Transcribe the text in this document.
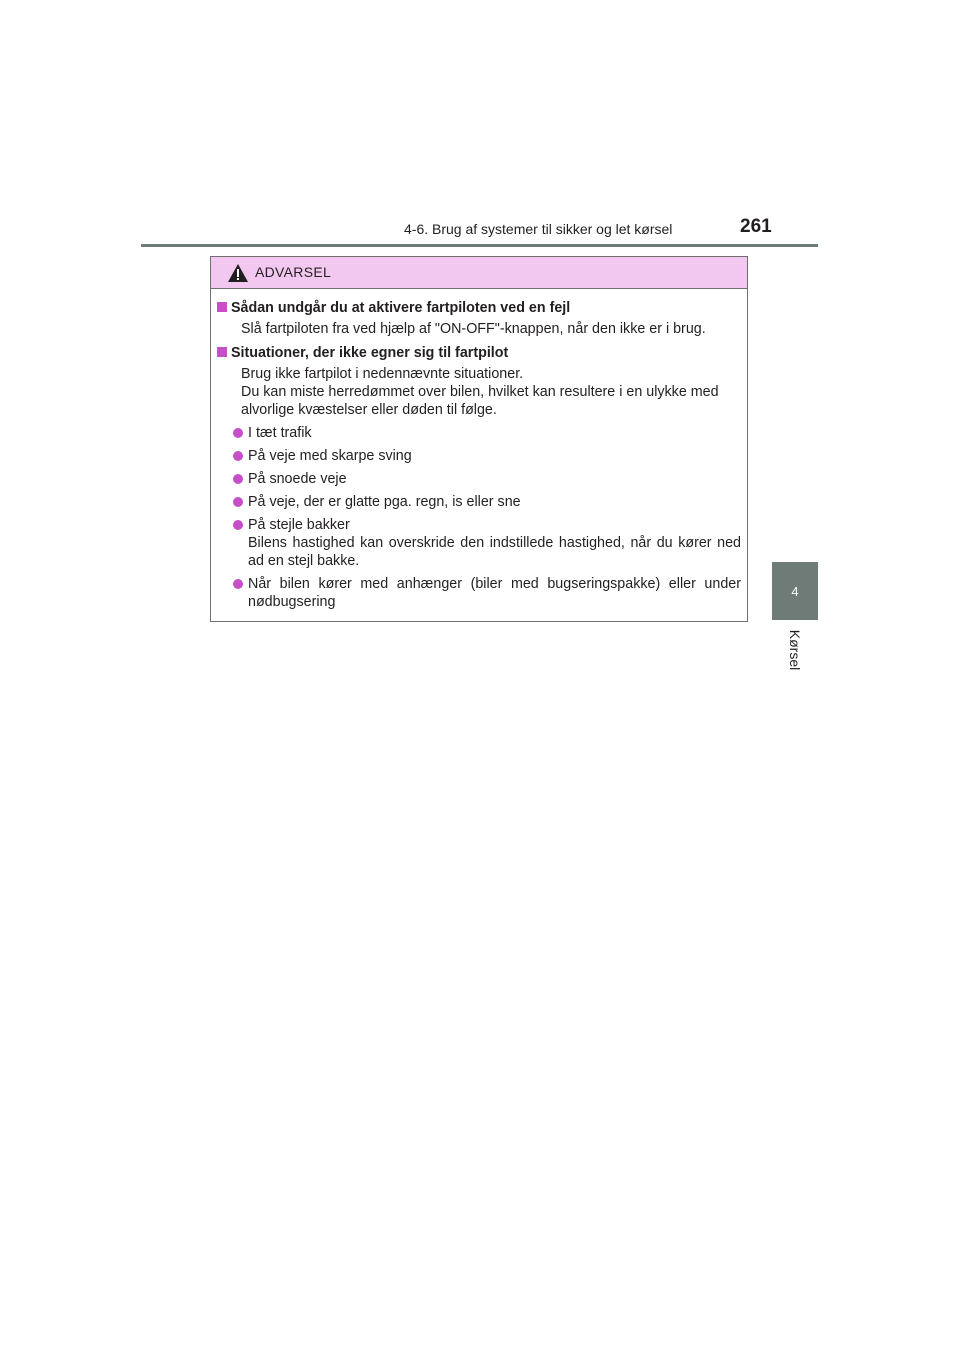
4-6. Brug af systemer til sikker og let kørsel	261
4
Kørsel
ADVARSEL
Sådan undgår du at aktivere fartpiloten ved en fejl
Slå fartpiloten fra ved hjælp af "ON-OFF"-knappen, når den ikke er i brug.
Situationer, der ikke egner sig til fartpilot
Brug ikke fartpilot i nedennævnte situationer.
Du kan miste herredømmet over bilen, hvilket kan resultere i en ulykke med alvorlige kvæstelser eller døden til følge.
I tæt trafik
På veje med skarpe sving
På snoede veje
På veje, der er glatte pga. regn, is eller sne
På stejle bakker
Bilens hastighed kan overskride den indstillede hastighed, når du kører ned ad en stejl bakke.
Når bilen kører med anhænger (biler med bugseringspakke) eller under nødbugsering
